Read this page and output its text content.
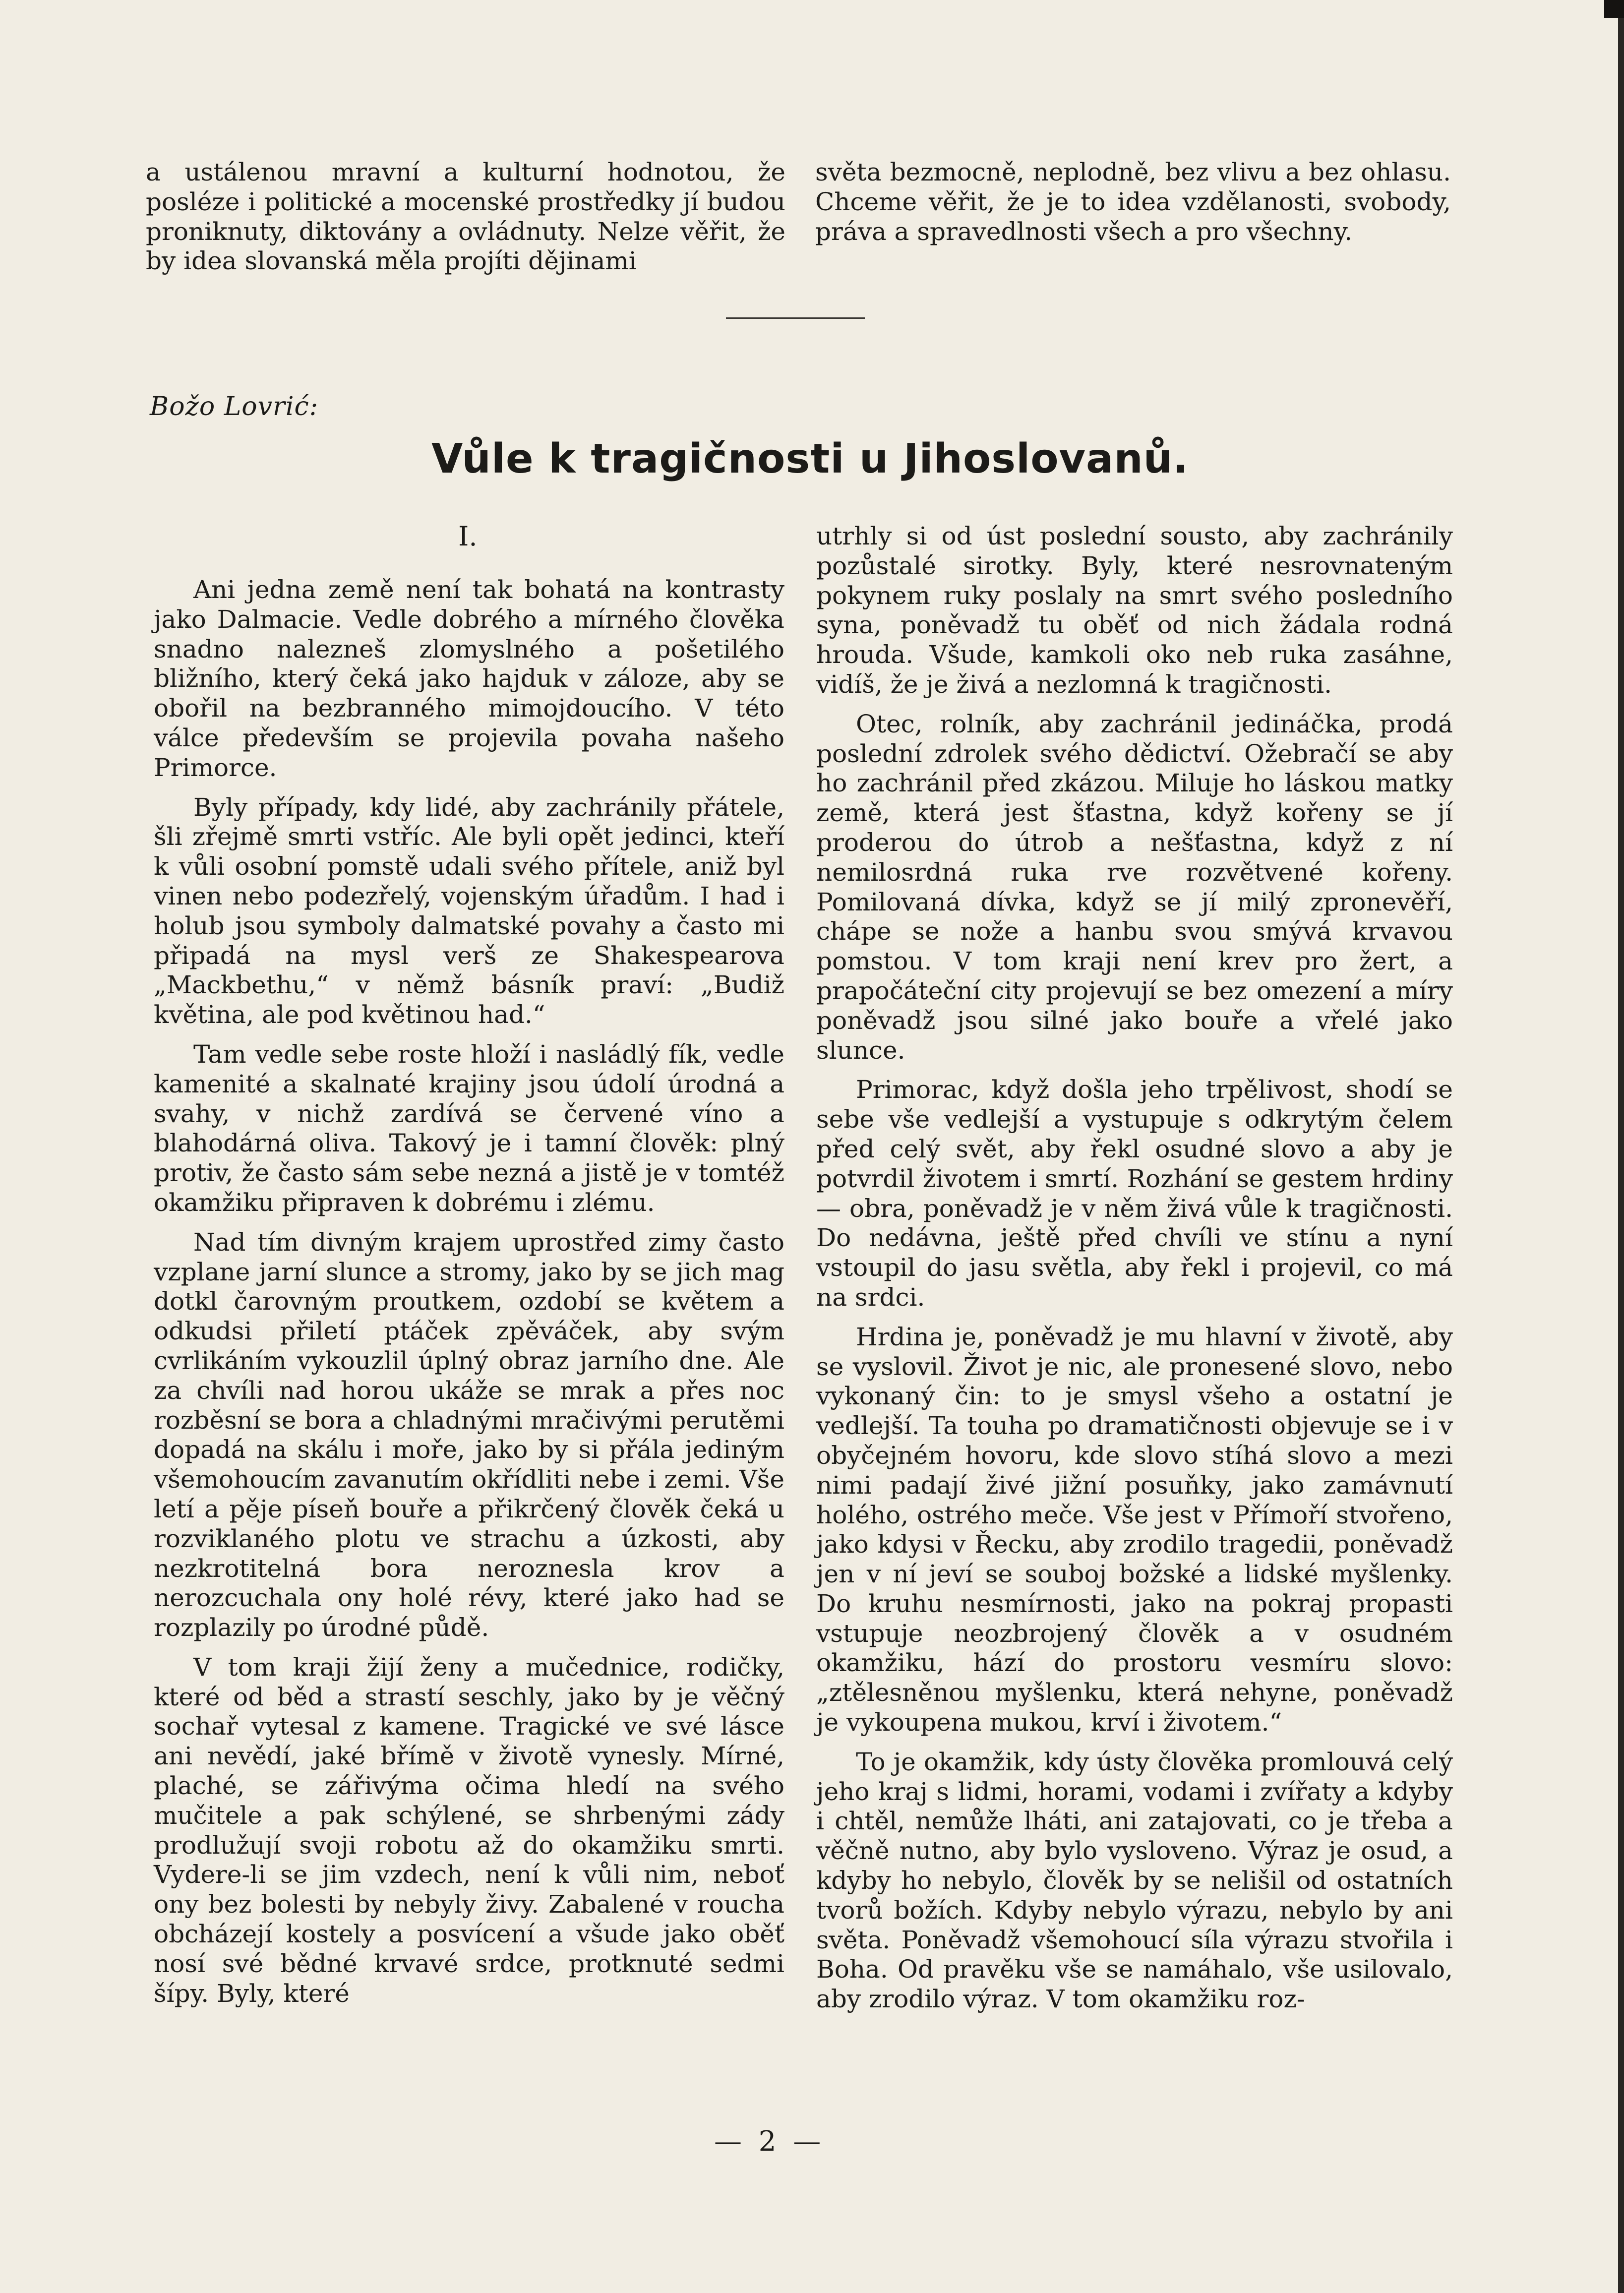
a ustálenou mravní a kulturní hodnotou, že posléze i politické a mocenské prostředky jí budou proniknuty, diktovány a ovládnuty. Nelze věřit, že by idea slovanská měla projíti dějinami

světa bezmocně, neplodně, bez vlivu a bez ohlasu. Chceme věřit, že je to idea vzdělanosti, svobody, práva a spravedlnosti všech a pro všechny.

Božo Lovrić:
Vůle k tragičnosti u Jihoslovanů.
I.

Ani jedna země není tak bohatá na kontrasty jako Dalmacie. Vedle dobrého a mírného člověka snadno nalezneš zlomyslného a pošetilého bližního, který čeká jako hajduk v záloze, aby se obořil na bezbranného mimojdoucího. V této válce především se projevila povaha našeho Primorce.

Byly případy, kdy lidé, aby zachránily přátele, šli zřejmě smrti vstříc. Ale byli opět jedinci, kteří k vůli osobní pomstě udali svého přítele, aniž byl vinen nebo podezřelý, vojenským úřadům. I had i holub jsou symboly dalmatské povahy a často mi připadá na mysl verš ze Shakespearova „Mackbethu,“ v němž básník praví: „Budiž květina, ale pod květinou had.“

Tam vedle sebe roste hloží i nasládlý fík, vedle kamenité a skalnaté krajiny jsou údolí úrodná a svahy, v nichž zardívá se červené víno a blahodárná oliva. Takový je i tamní člověk: plný protiv, že často sám sebe nezná a jistě je v tomtéž okamžiku připraven k dobrému i zlému.

Nad tím divným krajem uprostřed zimy často vzplane jarní slunce a stromy, jako by se jich mag dotkl čarovným proutkem, ozdobí se květem a odkudsi přiletí ptáček zpěváček, aby svým cvrlikáním vykouzlil úplný obraz jarního dne. Ale za chvíli nad horou ukáže se mrak a přes noc rozběsní se bora a chladnými mračivými perutěmi dopadá na skálu i moře, jako by si přála jediným všemohoucím zavanutím okřídliti nebe i zemi. Vše letí a pěje píseň bouře a přikrčený člověk čeká u rozviklaného plotu ve strachu a úzkosti, aby nezkrotitelná bora neroznesla krov a nerozcuchala ony holé révy, které jako had se rozplazily po úrodné půdě.

V tom kraji žijí ženy a mučednice, rodičky, které od běd a strastí seschly, jako by je věčný sochař vytesal z kamene. Tragické ve své lásce ani nevědí, jaké břímě v životě vynesly. Mírné, plaché, se zářivýma očima hledí na svého mučitele a pak schýlené, se shrbenými zády prodlužují svoji robotu až do okamžiku smrti. Vydere-li se jim vzdech, není k vůli nim, neboť ony bez bolesti by nebyly živy. Zabalené v roucha obcházejí kostely a posvícení a všude jako oběť nosí své bědné krvavé srdce, protknuté sedmi šípy. Byly, které

utrhly si od úst poslední sousto, aby zachránily pozůstalé sirotky. Byly, které nesrovnateným pokynem ruky poslaly na smrt svého posledního syna, poněvadž tu oběť od nich žádala rodná hrouda. Všude, kamkoli oko neb ruka zasáhne, vidíš, že je živá a nezlomná k tragičnosti.

Otec, rolník, aby zachránil jedináčka, prodá poslední zdrolek svého dědictví. Ožebračí se aby ho zachránil před zkázou. Miluje ho láskou matky země, která jest šťastna, když kořeny se jí proderou do útrob a nešťastna, když z ní nemilosrdná ruka rve rozvětvené kořeny. Pomilovaná dívka, když se jí milý zpronevěří, chápe se nože a hanbu svou smývá krvavou pomstou. V tom kraji není krev pro žert, a prapočáteční city projevují se bez omezení a míry poněvadž jsou silné jako bouře a vřelé jako slunce.

Primorac, když došla jeho trpělivost, shodí se sebe vše vedlejší a vystupuje s odkrytým čelem před celý svět, aby řekl osudné slovo a aby je potvrdil životem i smrtí. Rozhání se gestem hrdiny — obra, poněvadž je v něm živá vůle k tragičnosti. Do nedávna, ještě před chvíli ve stínu a nyní vstoupil do jasu světla, aby řekl i projevil, co má na srdci.

Hrdina je, poněvadž je mu hlavní v životě, aby se vyslovil. Život je nic, ale pronesené slovo, nebo vykonaný čin: to je smysl všeho a ostatní je vedlejší. Ta touha po dramatičnosti objevuje se i v obyčejném hovoru, kde slovo stíhá slovo a mezi nimi padají živé jižní posuňky, jako zamávnutí holého, ostrého meče. Vše jest v Přímoří stvořeno, jako kdysi v Řecku, aby zrodilo tragedii, poněvadž jen v ní jeví se souboj božské a lidské myšlenky. Do kruhu nesmírnosti, jako na pokraj propasti vstupuje neozbrojený člověk a v osudném okamžiku, hází do prostoru vesmíru slovo: „ztělesněnou myšlenku, která nehyne, poněvadž je vykoupena mukou, krví i životem.“

To je okamžik, kdy ústy člověka promlouvá celý jeho kraj s lidmi, horami, vodami i zvířaty a kdyby i chtěl, nemůže lháti, ani zatajovati, co je třeba a věčně nutno, aby bylo vysloveno. Výraz je osud, a kdyby ho nebylo, člověk by se nelišil od ostatních tvorů božích. Kdyby nebylo výrazu, nebylo by ani světa. Poněvadž všemohoucí síla výrazu stvořila i Boha. Od pravěku vše se namáhalo, vše usilovalo, aby zrodilo výraz. V tom okamžiku roz-

— 2 —
